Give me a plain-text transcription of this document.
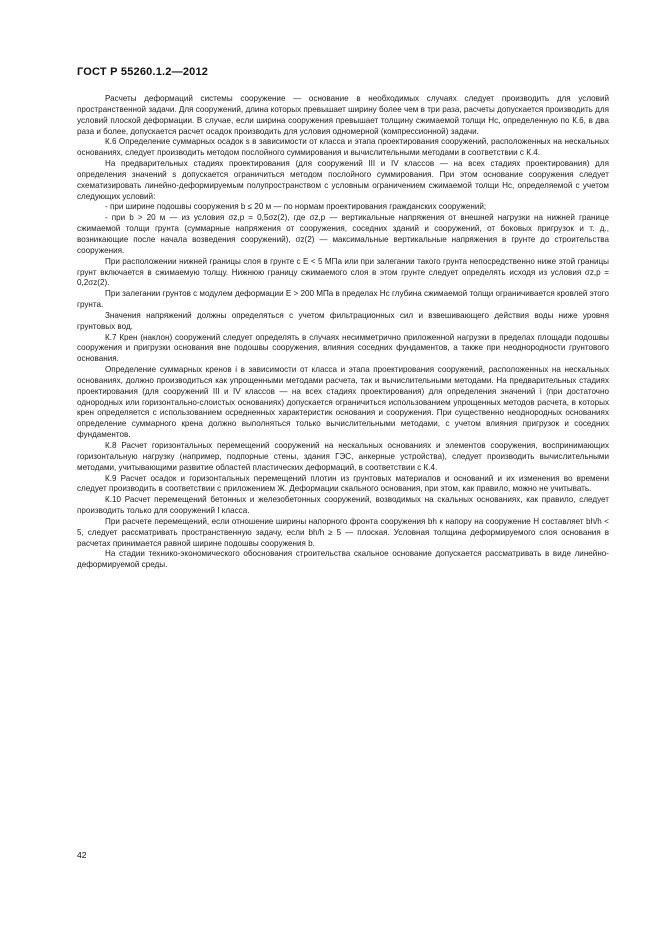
ГОСТ Р 55260.1.2—2012

Расчеты деформаций системы сооружение — основание в необходимых случаях следует производить для условий пространственной задачи. Для сооружений, длина которых превышает ширину более чем в три раза, расчеты допускается производить для условий плоской деформации. В случае, если ширина сооружения превышает толщину сжимаемой толщи Hc, определенную по К.6, в два раза и более, допускается расчет осадок производить для условия одномерной (компрессионной) задачи.

К.6 Определение суммарных осадок s в зависимости от класса и этапа проектирования сооружений, расположенных на нескальных основаниях, следует производить методом послойного суммирования и вычислительными методами в соответствии с К.4.

На предварительных стадиях проектирования (для сооружений III и IV классов — на всех стадиях проектирования) для определения значений s допускается ограничиться методом послойного суммирования. При этом основание сооружения следует схематизировать линейно-деформируемым полупространством с условным ограничением сжимаемой толщи Hc, определяемой с учетом следующих условий:

- при ширине подошвы сооружения b ≤ 20 м — по нормам проектирования гражданских сооружений;

- при b > 20 м — из условия σz,p = 0,5σz(2), где σz,p — вертикальные напряжения от внешней нагрузки на нижней границе сжимаемой толщи грунта (суммарные напряжения от сооружения, соседних зданий и сооружений, от боковых пригрузок и т. д., возникающие после начала возведения сооружений), σz(2) — максимальные вертикальные напряжения в грунте до строительства сооружения.

При расположении нижней границы слоя в грунте с E < 5 МПа или при залегании такого грунта непосредственно ниже этой границы грунт включается в сжимаемую толщу. Нижнюю границу сжимаемого слоя в этом грунте следует определять исходя из условия σz,p = 0,2σz(2).

При залегании грунтов с модулем деформации E > 200 МПа в пределах Hc глубина сжимаемой толщи ограничивается кровлей этого грунта.

Значения напряжений должны определяться с учетом фильтрационных сил и взвешивающего действия воды ниже уровня грунтовых вод.

К.7 Крен (наклон) сооружений следует определять в случаях несимметрично приложенной нагрузки в пределах площади подошвы сооружения и пригрузки основания вне подошвы сооружения, влияния соседних фундаментов, а также при неоднородности грунтового основания.

Определение суммарных кренов i в зависимости от класса и этапа проектирования сооружений, расположенных на нескальных основаниях, должно производиться как упрощенными методами расчета, так и вычислительными методами. На предварительных стадиях проектирования (для сооружений III и IV классов — на всех стадиях проектирования) для определения значений i (при достаточно однородных или горизонтально-слоистых основаниях) допускается ограничиться использованием упрощенных методов расчета, в которых крен определяется с использованием осредненных характеристик основания и сооружения. При существенно неоднородных основаниях определение суммарного крена должно выполняться только вычислительными методами, с учетом влияния пригрузок и соседних фундаментов.

К.8 Расчет горизонтальных перемещений сооружений на нескальных основаниях и элементов сооружения, воспринимающих горизонтальную нагрузку (например, подпорные стены, здания ГЭС, анкерные устройства), следует производить вычислительными методами, учитывающими развитие областей пластических деформаций, в соответствии с К.4.

К.9 Расчет осадок и горизонтальных перемещений плотин из грунтовых материалов и оснований и их изменения во времени следует производить в соответствии с приложением Ж. Деформации скального основания, при этом, как правило, можно не учитывать.

К.10 Расчет перемещений бетонных и железобетонных сооружений, возводимых на скальных основаниях, как правило, следует производить только для сооружений I класса.

При расчете перемещений, если отношение ширины напорного фронта сооружения bh к напору на сооружение H составляет bh/h < 5, следует рассматривать пространственную задачу, если bh/h ≥ 5 — плоская. Условная толщина деформируемого слоя основания в расчетах принимается равной ширине подошвы сооружения b.

На стадии технико-экономического обоснования строительства скальное основание допускается рассматривать в виде линейно-деформируемой среды.

42
